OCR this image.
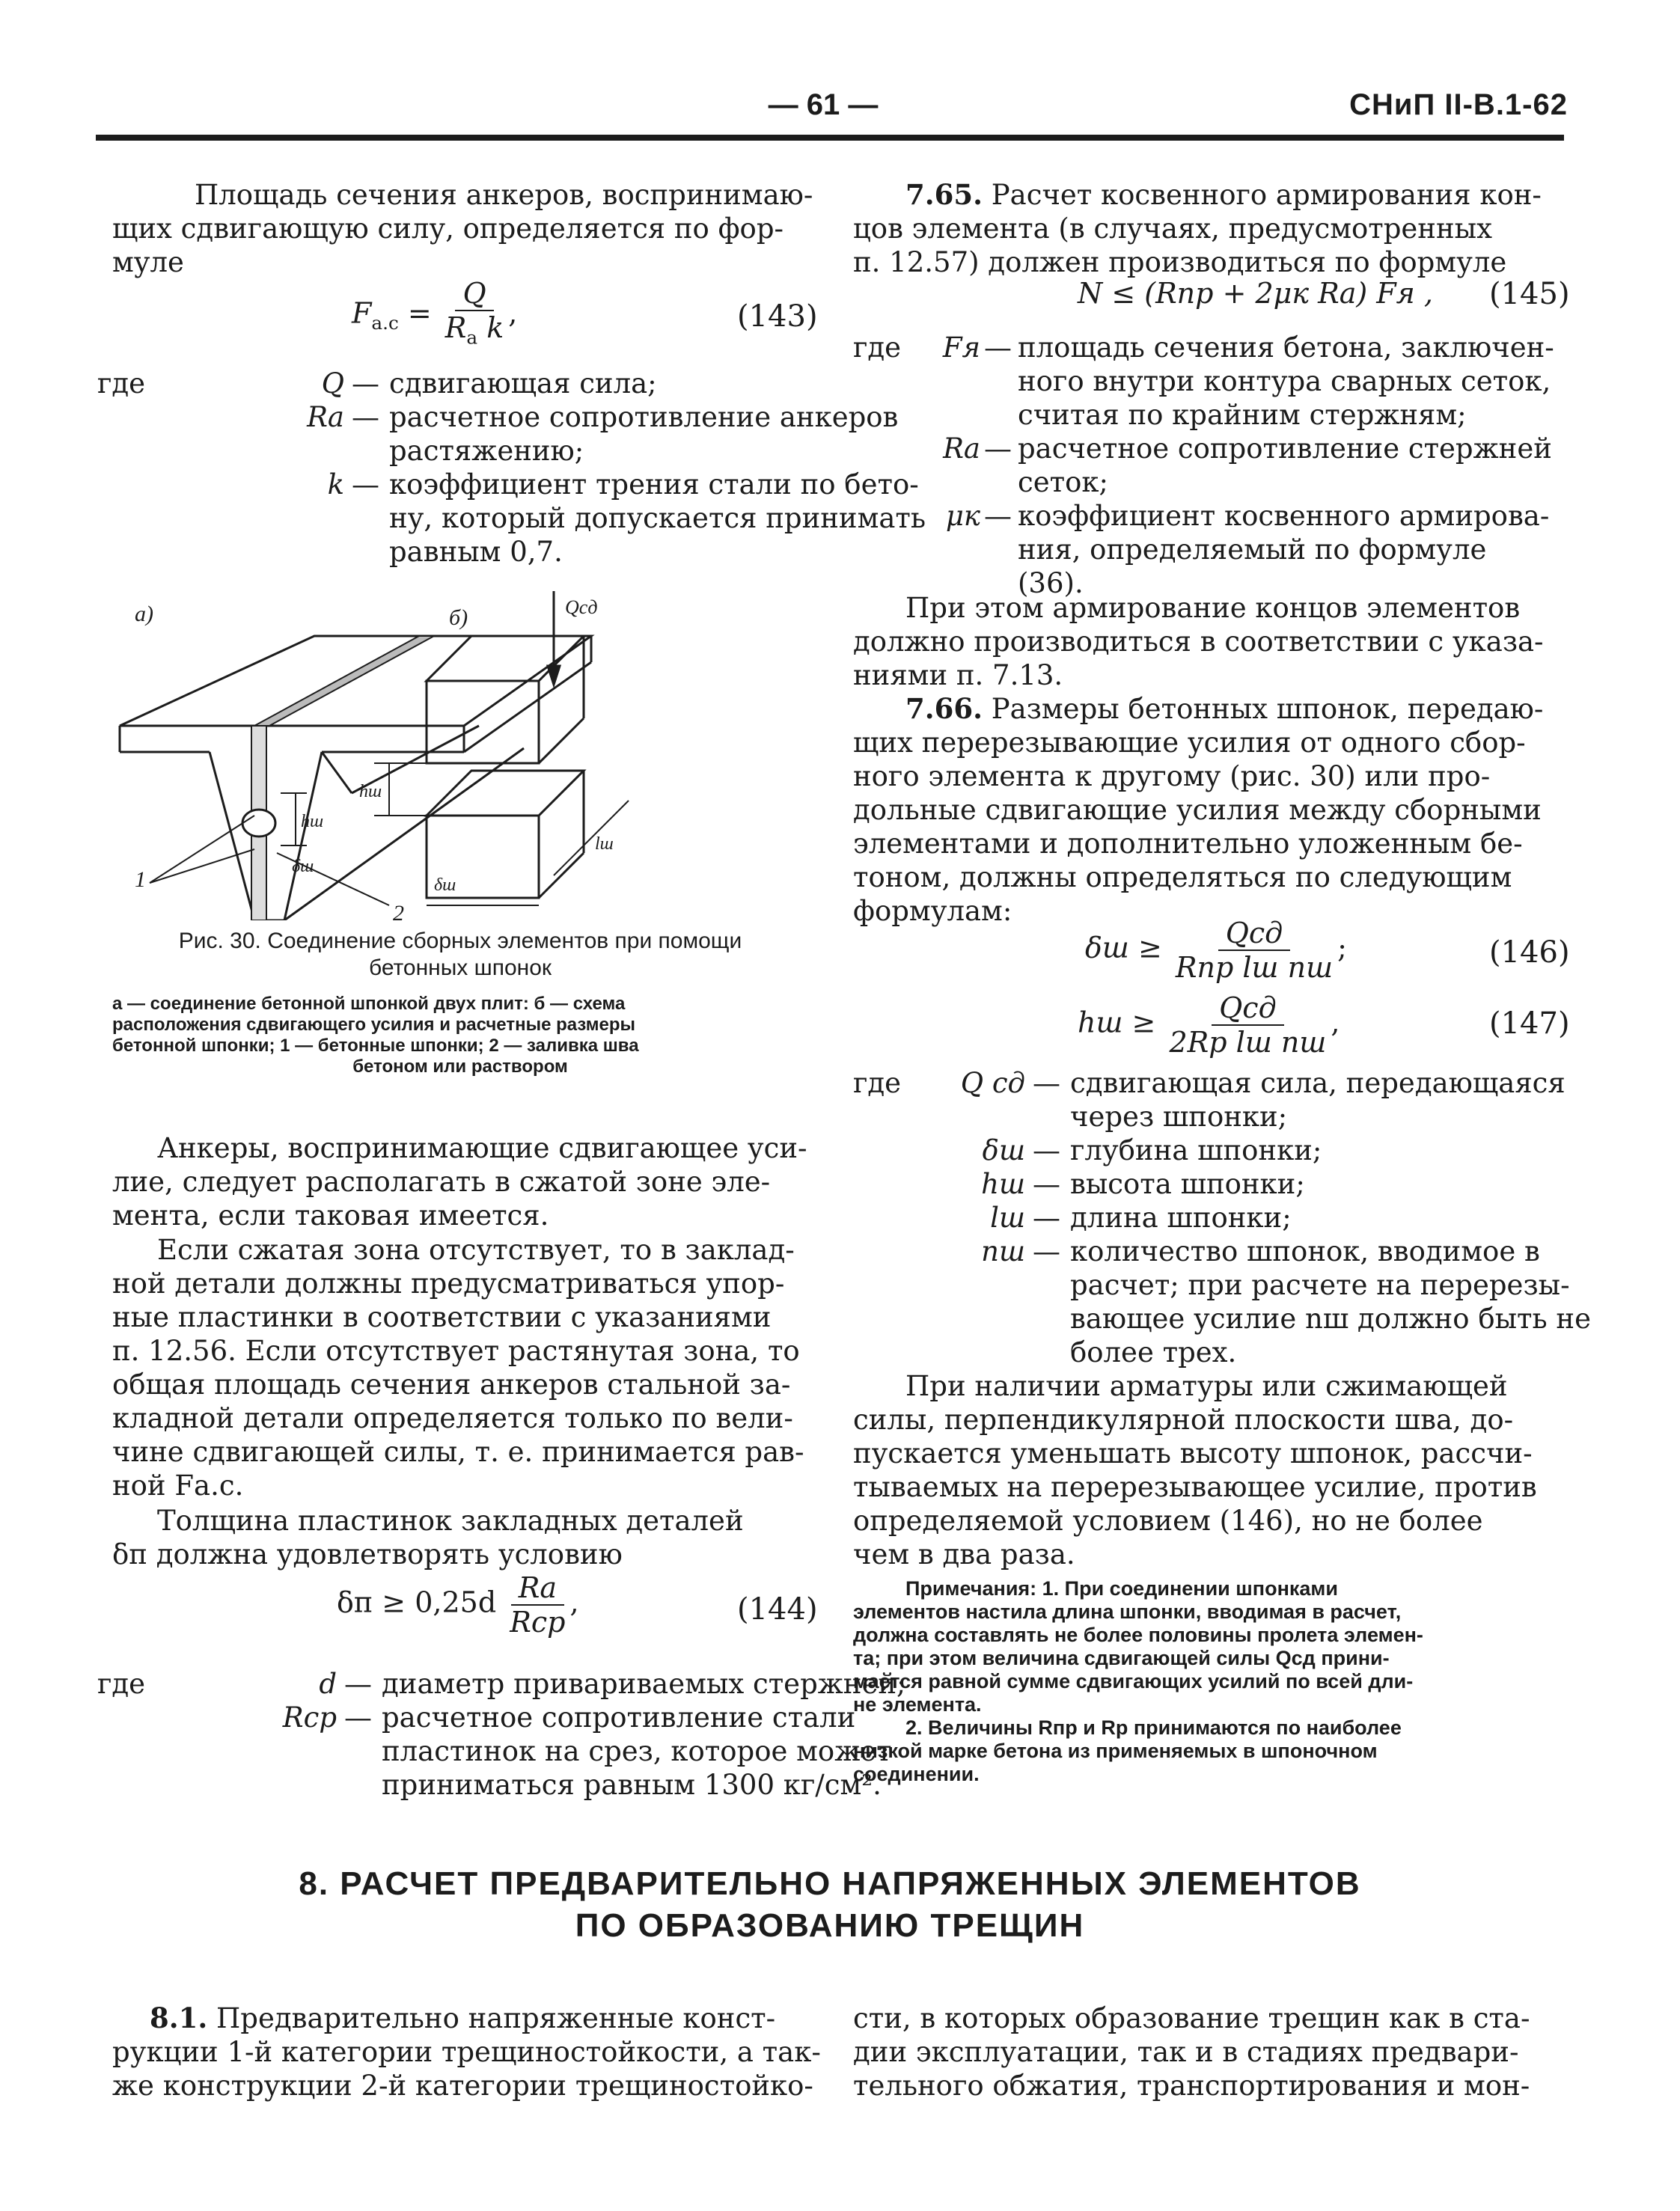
— 61 —	СНиП II-В.1-62
Площадь сечения анкеров, воспринимаю-
щих сдвигающую силу, определяется по фор-
муле
$F_{а.с} = \frac{Q}{R_а k}$ ,	(143)
где	Q — сдвигающая сила;
Rа — расчетное сопротивление анкеров
растяжению;
k — коэффициент трения стали по бето-
ну, который допускается принимать
равным 0,7.
а)	б)	Qсд
hш
hш
δш
lш
δш
1
2
Рис. 30. Соединение сборных элементов при помощи
бетонных шпонок
а — соединение бетонной шпонкой двух плит: б — схема
расположения сдвигающего усилия и расчетные размеры
бетонной шпонки; 1 — бетонные шпонки; 2 — заливка шва
бетоном или раствором
Анкеры, воспринимающие сдвигающее уси-
лие, следует располагать в сжатой зоне эле-
мента, если таковая имеется.
Если сжатая зона отсутствует, то в заклад-
ной детали должны предусматриваться упор-
ные пластинки в соответствии с указаниями
п. 12.56. Если отсутствует растянутая зона, то
общая площадь сечения анкеров стальной за-
кладной детали определяется только по вели-
чине сдвигающей силы, т. е. принимается рав-
ной Fа.с.
Толщина пластинок закладных деталей
δп должна удовлетворять условию
$\delta п \ge 0,25d \frac{Rа}{\text{Rср}}$ ,	(144)
где	d — диаметр привариваемых стержней;
Rср — расчетное сопротивление стали
пластинок на срез, которое может
приниматься равным 1300 кг/см².
7.65. Расчет косвенного армирования кон-
цов элемента (в случаях, предусмотренных
п. 12.57) должен производиться по формуле
N ≤ (Rпр + 2μк Rа) Fя , (145)
где	Fя — площадь сечения бетона, заключен-
ного внутри контура сварных сеток,
считая по крайним стержням;
Rа — расчетное сопротивление стержней
сеток;
μк — коэффициент косвенного армирова-
ния, определяемый по формуле
(36).
При этом армирование концов элементов
должно производиться в соответствии с указа-
ниями п. 7.13.
7.66. Размеры бетонных шпонок, передаю-
щих перерезывающие усилия от одного сбор-
ного элемента к другому (рис. 30) или про-
дольные сдвигающие усилия между сборными
элементами и дополнительно уложенным бе-
тоном, должны определяться по следующим
формулам:
$\delta ш \ge \frac{\text{Qсд}}{\text{Rпр lш nш}}$ ;	(146)
hш ≥ $\frac{\text{Qсд}}{\text{2Rр lш nш}}$ ,	(147)
где	Q сд — сдвигающая сила, передающаяся
через шпонки;
δш — глубина шпонки;
hш — высота шпонки;
lш — длина шпонки;
nш — количество шпонок, вводимое в
расчет; при расчете на перерезы-
вающее усилие nш должно быть не
более трех.
При наличии арматуры или сжимающей
силы, перпендикулярной плоскости шва, до-
пускается уменьшать высоту шпонок, рассчи-
тываемых на перерезывающее усилие, против
определяемой условием (146), но не более
чем в два раза.
Примечания: 1. При соединении шпонками
элементов настила длина шпонки, вводимая в расчет,
должна составлять не более половины пролета элемен-
та; при этом величина сдвигающей силы Qсд прини-
мается равной сумме сдвигающих усилий по всей дли-
не элемента.
2. Величины Rпр и Rр принимаются по наиболее
низкой марке бетона из применяемых в шпоночном
соединении.
8. РАСЧЕТ ПРЕДВАРИТЕЛЬНО НАПРЯЖЕННЫХ ЭЛЕМЕНТОВ
ПО ОБРАЗОВАНИЮ ТРЕЩИН
8.1. Предварительно напряженные конст-
рукции 1-й категории трещиностойкости, а так-
же конструкции 2-й категории трещиностойко-
сти, в которых образование трещин как в ста-
дии эксплуатации, так и в стадиях предвари-
тельного обжатия, транспортирования и мон-
